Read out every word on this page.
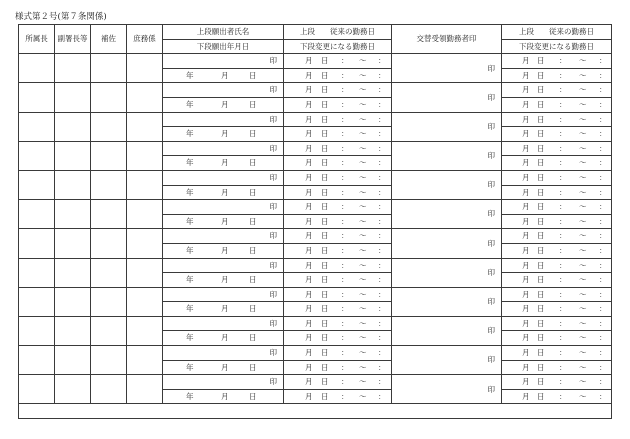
様式第２号(第７条関係)
所属長	副署長等	補佐	庶務係	上段願出者氏名	上段　　従来の勤務日	交替受領勤務者印	上段　　従来の勤務日
				下段願出年月日	下段変更になる勤務日		下段変更になる勤務日
				印	月 日 ： 〜 ：	印	月 日 ： 〜 ：

				年 月 日	月 日 ： 〜 ：		月 日 ： 〜 ：

				印	月 日 ： 〜 ：	印	月 日 ： 〜 ：

				年 月 日	月 日 ： 〜 ：		月 日 ： 〜 ：

				印	月 日 ： 〜 ：	印	月 日 ： 〜 ：

				年 月 日	月 日 ： 〜 ：		月 日 ： 〜 ：

				印	月 日 ： 〜 ：	印	月 日 ： 〜 ：

				年 月 日	月 日 ： 〜 ：		月 日 ： 〜 ：

				印	月 日 ： 〜 ：	印	月 日 ： 〜 ：

				年 月 日	月 日 ： 〜 ：		月 日 ： 〜 ：

				印	月 日 ： 〜 ：	印	月 日 ： 〜 ：

				年 月 日	月 日 ： 〜 ：		月 日 ： 〜 ：

				印	月 日 ： 〜 ：	印	月 日 ： 〜 ：

				年 月 日	月 日 ： 〜 ：		月 日 ： 〜 ：

				印	月 日 ： 〜 ：	印	月 日 ： 〜 ：

				年 月 日	月 日 ： 〜 ：		月 日 ： 〜 ：

				印	月 日 ： 〜 ：	印	月 日 ： 〜 ：

				年 月 日	月 日 ： 〜 ：		月 日 ： 〜 ：

				印	月 日 ： 〜 ：	印	月 日 ： 〜 ：

				年 月 日	月 日 ： 〜 ：		月 日 ： 〜 ：

				印	月 日 ： 〜 ：	印	月 日 ： 〜 ：

				年 月 日	月 日 ： 〜 ：		月 日 ： 〜 ：

				印	月 日 ： 〜 ：	印	月 日 ： 〜 ：

				年 月 日	月 日 ： 〜 ：		月 日 ： 〜 ：
